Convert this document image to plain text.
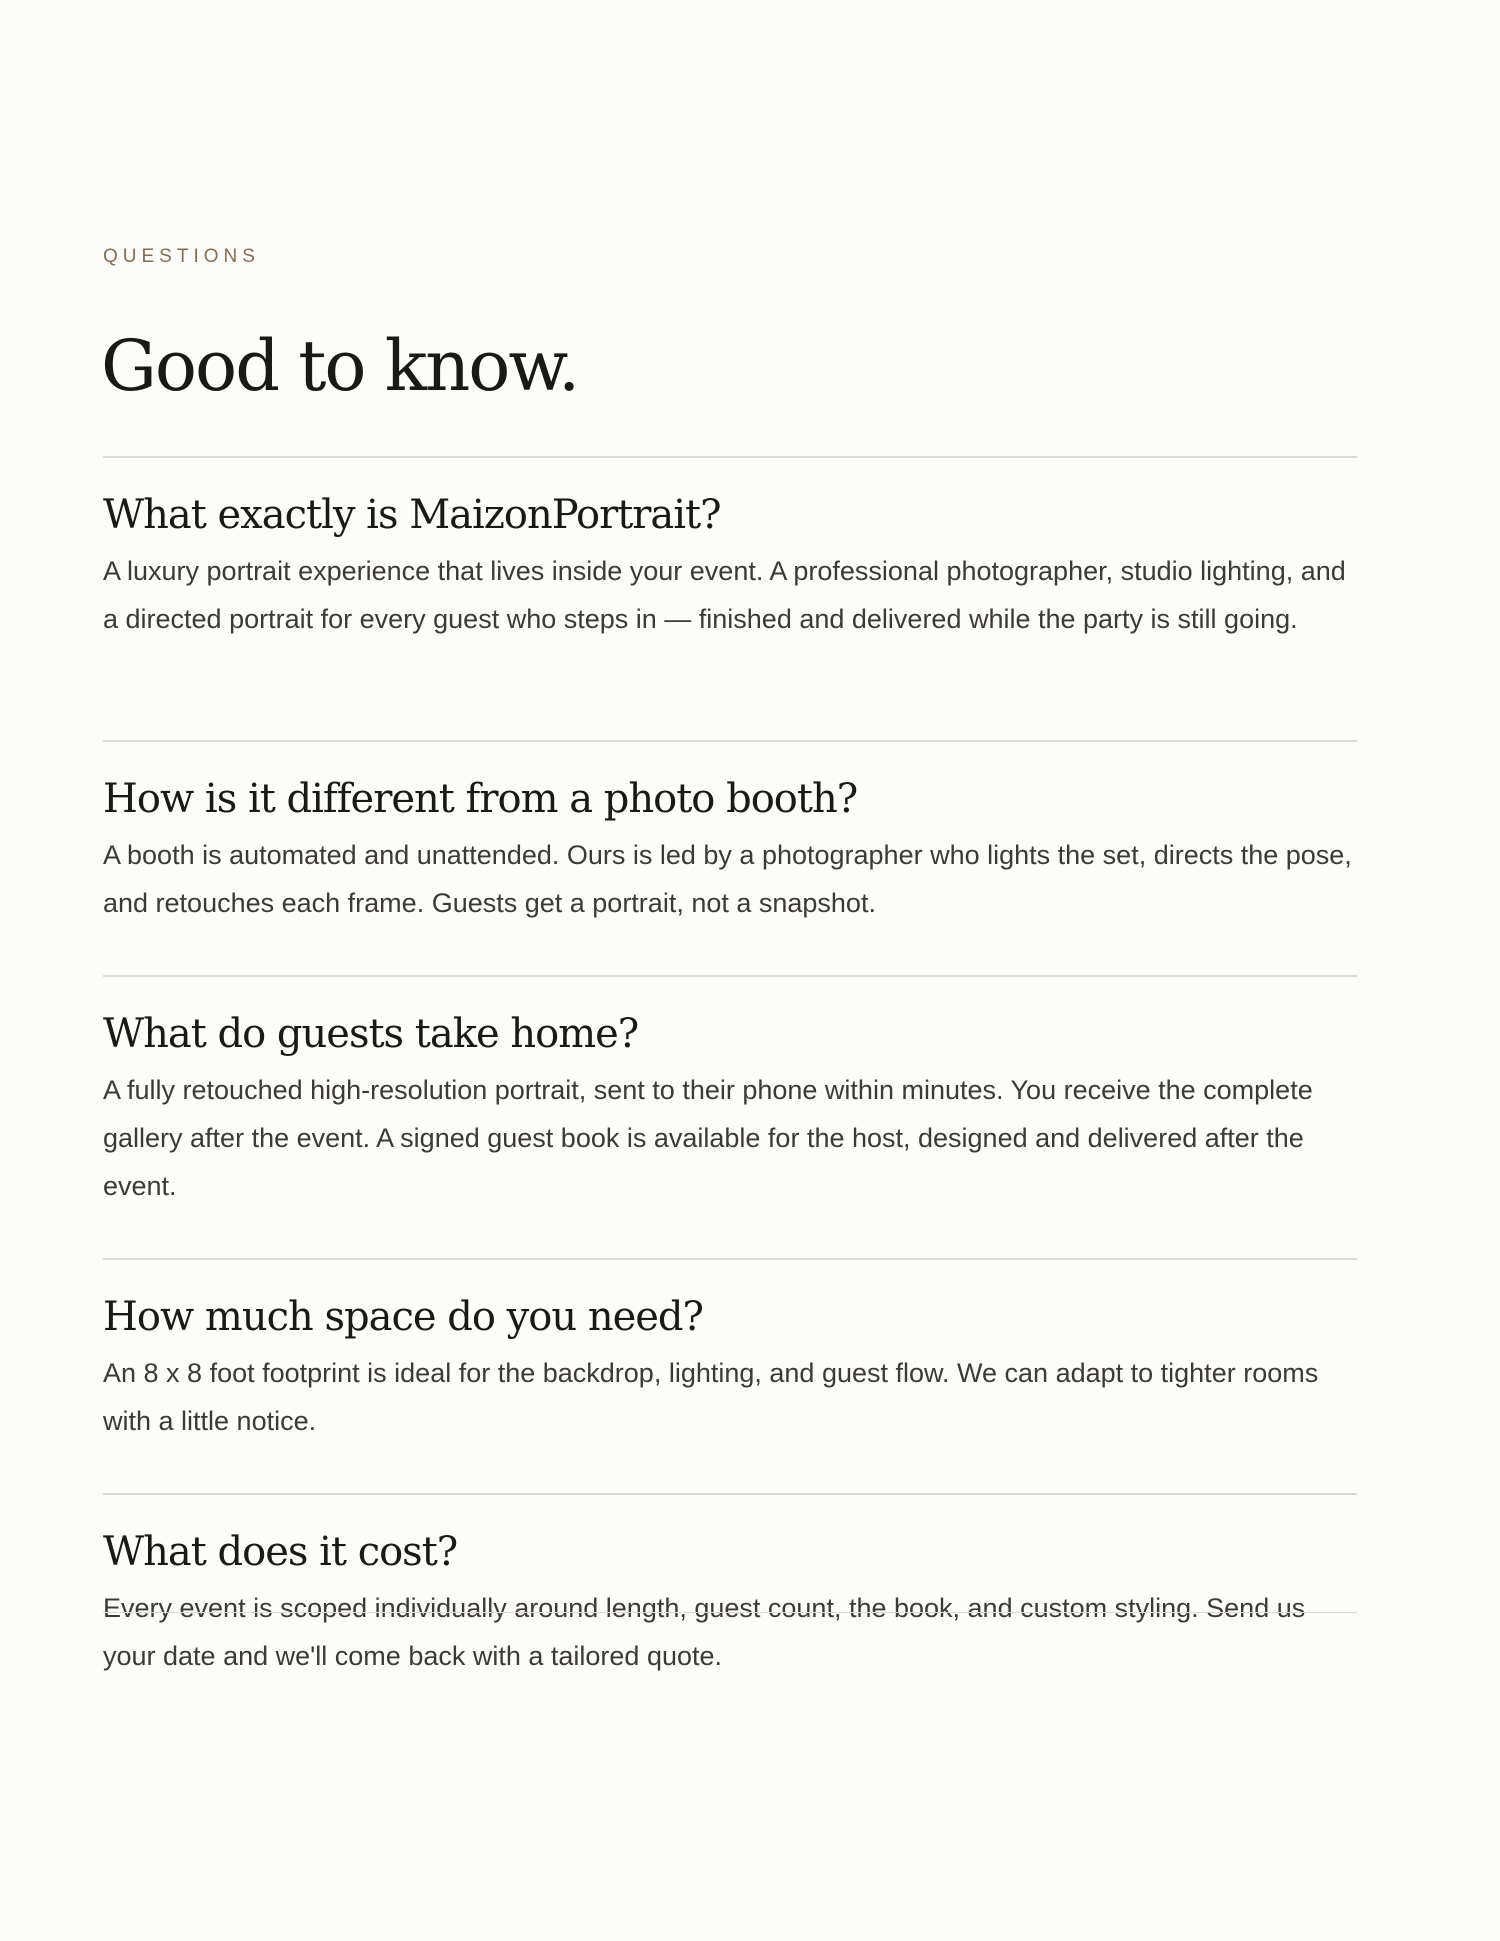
QUESTIONS
Good to know.
What exactly is MaizonPortrait?

A luxury portrait experience that lives inside your event. A professional photographer, studio lighting, and a directed portrait for every guest who steps in — finished and delivered while the party is still going.

How is it different from a photo booth?

A booth is automated and unattended. Ours is led by a photographer who lights the set, directs the pose, and retouches each frame. Guests get a portrait, not a snapshot.

What do guests take home?

A fully retouched high-resolution portrait, sent to their phone within minutes. You receive the complete gallery after the event. A signed guest book is available for the host, designed and delivered after the event.

How much space do you need?

An 8 x 8 foot footprint is ideal for the backdrop, lighting, and guest flow. We can adapt to tighter rooms with a little notice.

What does it cost?

Every event is scoped individually around length, guest count, the book, and custom styling. Send us your date and we'll come back with a tailored quote.
